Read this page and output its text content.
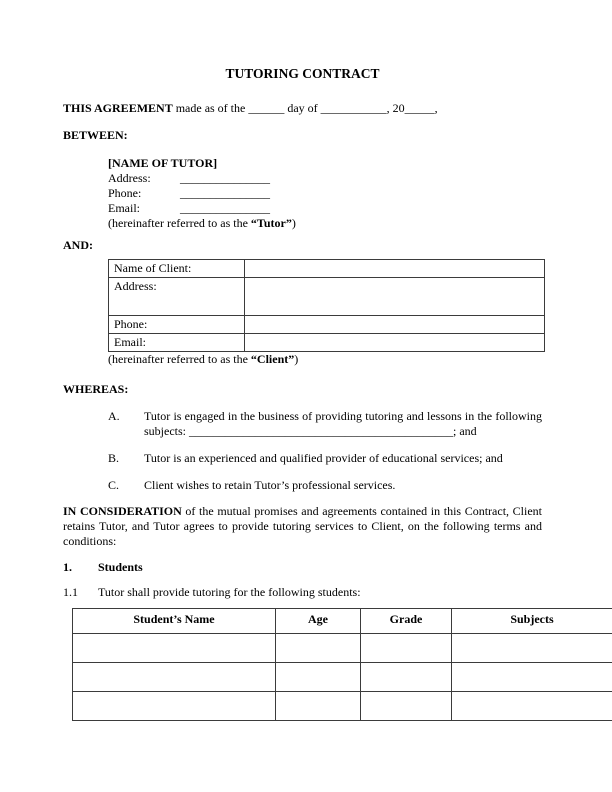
TUTORING CONTRACT

THIS AGREEMENT made as of the ______ day of ___________, 20_____,

BETWEEN:

[NAME OF TUTOR]
Address:	_______________
Phone:	_______________
Email:	_______________
(hereinafter referred to as the “Tutor”)

AND:

Name of Client:	
Address:	
Phone:	
Email:	

(hereinafter referred to as the “Client”)

WHEREAS:

A.	Tutor is engaged in the business of providing tutoring and lessons in the following subjects: ____________________________________________; and
B.	Tutor is an experienced and qualified provider of educational services; and
C.	Client wishes to retain Tutor’s professional services.

IN CONSIDERATION of the mutual promises and agreements contained in this Contract, Client retains Tutor, and Tutor agrees to provide tutoring services to Client, on the following terms and conditions:

1.	Students
1.1	Tutor shall provide tutoring for the following students:
Student’s Name	Age	Grade	Subjects
